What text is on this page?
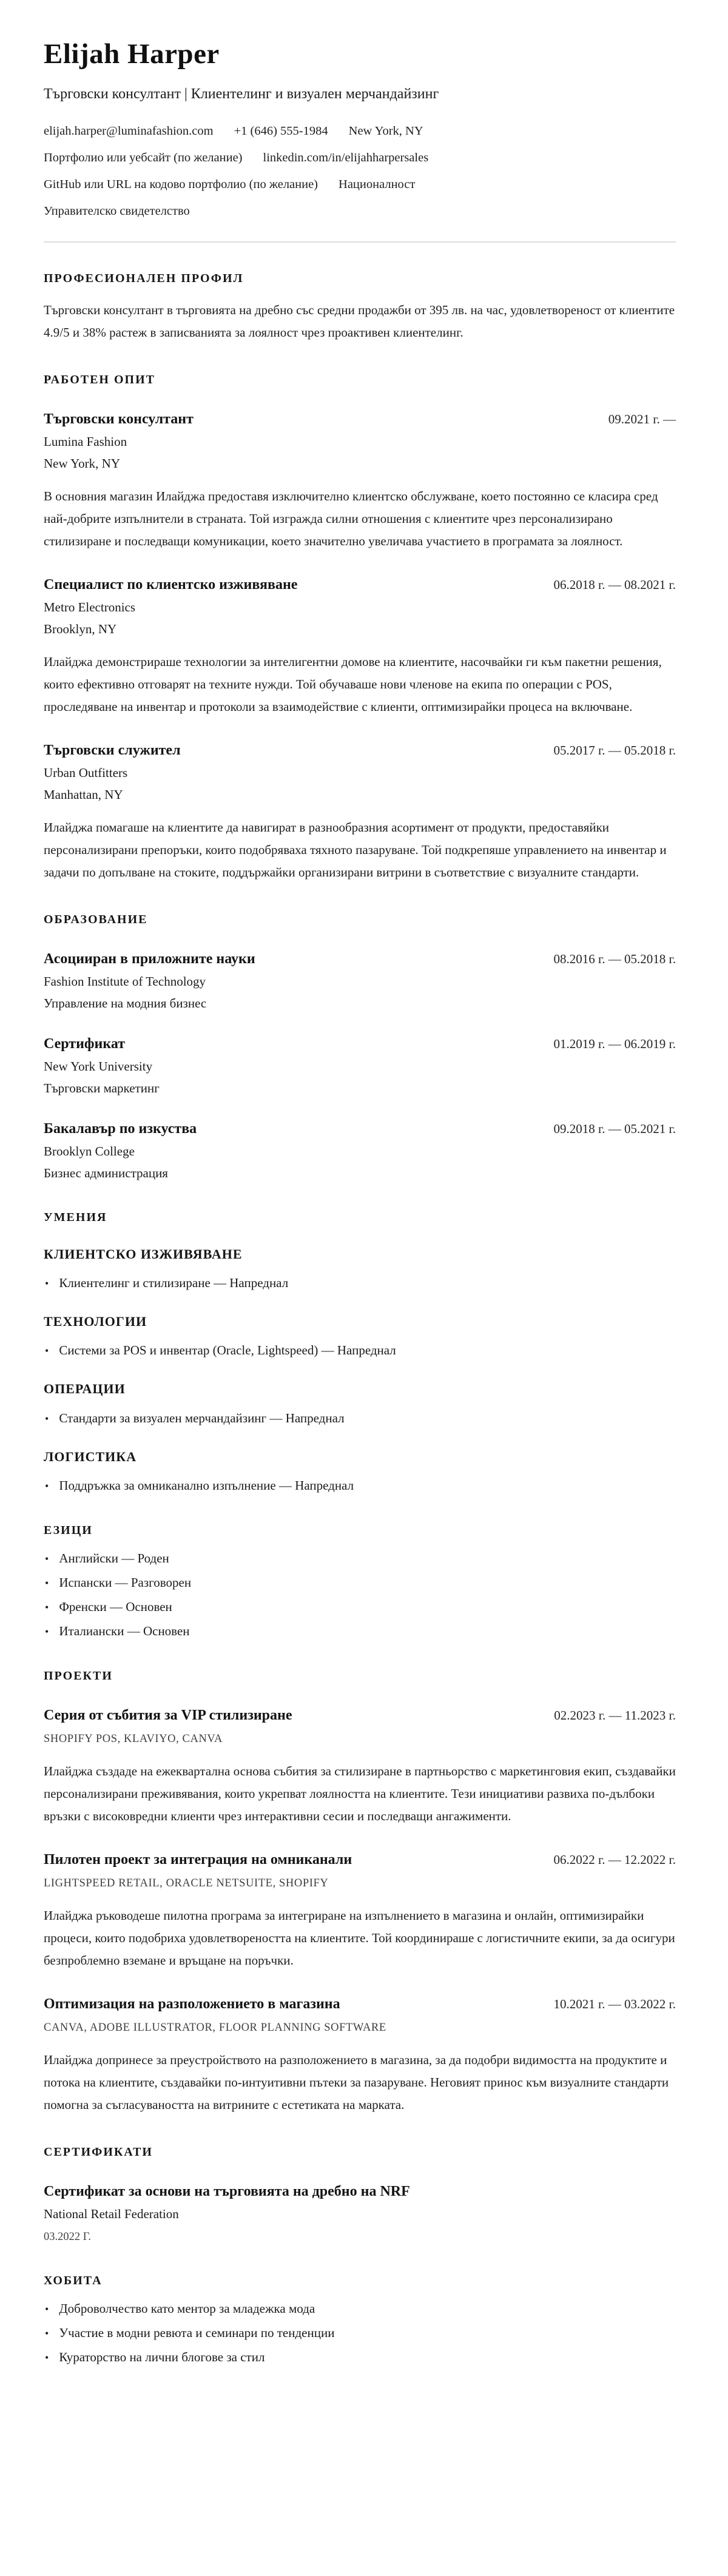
Elijah Harper
Търговски консултант | Клиентелинг и визуален мерчандайзинг
elijah.harper@luminafashion.com +1 (646) 555-1984 New York, NY
Портфолио или уебсайт (по желание) linkedin.com/in/elijahharpersales
GitHub или URL на кодово портфолио (по желание) Националност
Управителско свидетелство
ПРОФЕСИОНАЛЕН ПРОФИЛ

Търговски консултант в търговията на дребно със средни продажби от 395 лв. на час, удовлетвореност от клиентите 4.9/5 и 38% растеж в записванията за лоялност чрез проактивен клиентелинг.

РАБОТЕН ОПИТ
Търговски консултант	09.2021 г. —
Lumina Fashion
New York, NY

В основния магазин Илайджа предоставя изключително клиентско обслужване, което постоянно се класира сред най-добрите изпълнители в страната. Той изгражда силни отношения с клиентите чрез персонализирано стилизиране и последващи комуникации, което значително увеличава участието в програмата за лоялност.

Специалист по клиентско изживяване	06.2018 г. — 08.2021 г.
Metro Electronics
Brooklyn, NY

Илайджа демонстрираше технологии за интелигентни домове на клиентите, насочвайки ги към пакетни решения, които ефективно отговарят на техните нужди. Той обучаваше нови членове на екипа по операции с POS, проследяване на инвентар и протоколи за взаимодействие с клиенти, оптимизирайки процеса на включване.

Търговски служител	05.2017 г. — 05.2018 г.
Urban Outfitters
Manhattan, NY

Илайджа помагаше на клиентите да навигират в разнообразния асортимент от продукти, предоставяйки персонализирани препоръки, които подобряваха тяхното пазаруване. Той подкрепяше управлението на инвентар и задачи по допълване на стоките, поддържайки организирани витрини в съответствие с визуалните стандарти.

ОБРАЗОВАНИЕ
Асоцииран в приложните науки	08.2016 г. — 05.2018 г.
Fashion Institute of Technology
Управление на модния бизнес
Сертификат	01.2019 г. — 06.2019 г.
New York University
Търговски маркетинг
Бакалавър по изкуства	09.2018 г. — 05.2021 г.
Brooklyn College
Бизнес администрация
УМЕНИЯ
КЛИЕНТСКО ИЗЖИВЯВАНЕ
• Клиентелинг и стилизиране — Напреднал
ТЕХНОЛОГИИ
• Системи за POS и инвентар (Oracle, Lightspeed) — Напреднал
ОПЕРАЦИИ
• Стандарти за визуален мерчандайзинг — Напреднал
ЛОГИСТИКА
• Поддръжка за омниканално изпълнение — Напреднал
ЕЗИЦИ
• Английски — Роден
• Испански — Разговорен
• Френски — Основен
• Италиански — Основен
ПРОЕКТИ
Серия от събития за VIP стилизиране	02.2023 г. — 11.2023 г.
SHOPIFY POS, KLAVIYO, CANVA

Илайджа създаде на ежеквартална основа събития за стилизиране в партньорство с маркетинговия екип, създавайки персонализирани преживявания, които укрепват лоялността на клиентите. Тези инициативи развиха по-дълбоки връзки с високовредни клиенти чрез интерактивни сесии и последващи ангажименти.

Пилотен проект за интеграция на омниканали	06.2022 г. — 12.2022 г.
LIGHTSPEED RETAIL, ORACLE NETSUITE, SHOPIFY

Илайджа ръководеше пилотна програма за интегриране на изпълнението в магазина и онлайн, оптимизирайки процеси, които подобриха удовлетвореността на клиентите. Той координираше с логистичните екипи, за да осигури безпроблемно вземане и връщане на поръчки.

Оптимизация на разположението в магазина	10.2021 г. — 03.2022 г.
CANVA, ADOBE ILLUSTRATOR, FLOOR PLANNING SOFTWARE

Илайджа допринесе за преустройството на разположението в магазина, за да подобри видимостта на продуктите и потока на клиентите, създавайки по-интуитивни пътеки за пазаруване. Неговият принос към визуалните стандарти помогна за съгласуваността на витрините с естетиката на марката.

СЕРТИФИКАТИ
Сертификат за основи на търговията на дребно на NRF
National Retail Federation
03.2022 Г.
ХОБИТА
• Доброволчество като ментор за младежка мода
• Участие в модни ревюта и семинари по тенденции
• Кураторство на лични блогове за стил
